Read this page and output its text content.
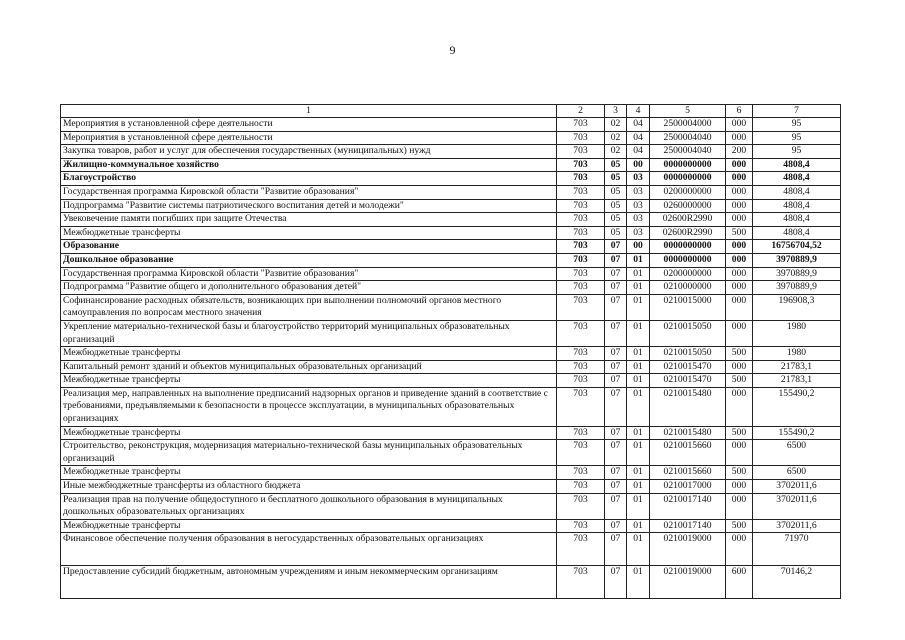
9
1	2	3	4	5	6	7
Мероприятия в установленной сфере деятельности	703	02	04	2500004000	000	95
Мероприятия в установленной сфере деятельности	703	02	04	2500004040	000	95
Закупка товаров, работ и услуг для обеспечения государственных (муниципальных) нужд	703	02	04	2500004040	200	95
Жилищно-коммунальное хозяйство	703	05	00	0000000000	000	4808,4
Благоустройство	703	05	03	0000000000	000	4808,4
Государственная программа Кировской области "Развитие образования"	703	05	03	0200000000	000	4808,4
Подпрограмма "Развитие системы патриотического воспитания детей и молодежи"	703	05	03	0260000000	000	4808,4
Увековечение памяти погибших при защите Отечества	703	05	03	02600R2990	000	4808,4
Межбюджетные трансферты	703	05	03	02600R2990	500	4808,4
Образование	703	07	00	0000000000	000	16756704,52
Дошкольное образование	703	07	01	0000000000	000	3970889,9
Государственная программа Кировской области "Развитие образования"	703	07	01	0200000000	000	3970889,9
Подпрограмма "Развитие общего и дополнительного образования детей"	703	07	01	0210000000	000	3970889,9
Софинансирование расходных обязательств, возникающих при выполнении полномочий органов местного самоуправления по вопросам местного значения	703	07	01	0210015000	000	196908,3
Укрепление материально-технической базы и благоустройство территорий муниципальных образовательных организаций	703	07	01	0210015050	000	1980
Межбюджетные трансферты	703	07	01	0210015050	500	1980
Капитальный ремонт зданий и объектов муниципальных образовательных организаций	703	07	01	0210015470	000	21783,1
Межбюджетные трансферты	703	07	01	0210015470	500	21783,1
Реализация мер, направленных на выполнение предписаний надзорных органов и приведение зданий в соответствие с требованиями, предъявляемыми к безопасности в процессе эксплуатации, в муниципальных образовательных организациях	703	07	01	0210015480	000	155490,2
Межбюджетные трансферты	703	07	01	0210015480	500	155490,2
Строительство, реконструкция, модернизация материально-технической базы муниципальных образовательных организаций	703	07	01	0210015660	000	6500
Межбюджетные трансферты	703	07	01	0210015660	500	6500
Иные межбюджетные трансферты из областного бюджета	703	07	01	0210017000	000	3702011,6
Реализация прав на получение общедоступного и бесплатного дошкольного образования в муниципальных дошкольных образовательных организациях	703	07	01	0210017140	000	3702011,6
Межбюджетные трансферты	703	07	01	0210017140	500	3702011,6
Финансовое обеспечение получения образования в негосударственных образовательных организациях	703	07	01	0210019000	000	71970
Предоставление субсидий бюджетным, автономным учреждениям и иным некоммерческим организациям	703	07	01	0210019000	600	70146,2
